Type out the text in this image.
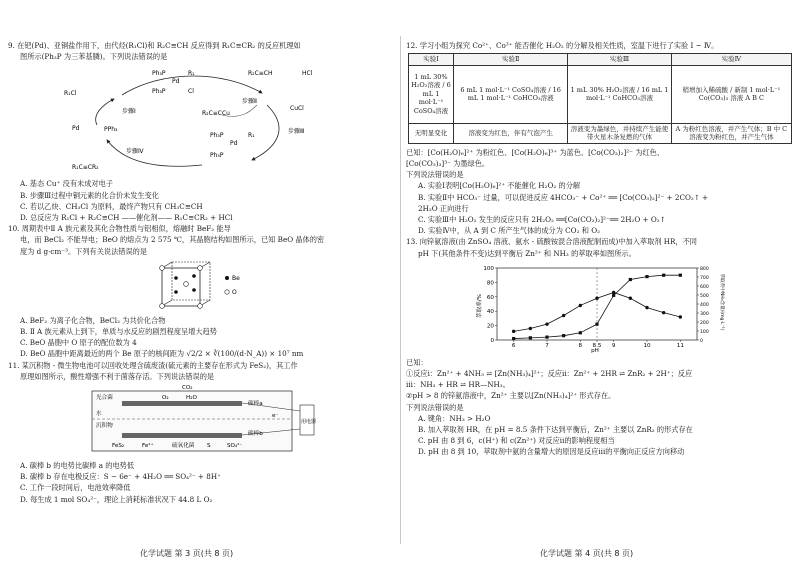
9. 在钯(Pd)、亚铜盐作用下，由代烃(R₁Cl)和 R₂C≡CH 反应得到 R₁C≡CR₂ 的反应机理如
图所示(Ph₃P 为三苯基膦)。下列说法错误的是
Pd
Ph₃P
Ph₃P
R₁
Cl
R₁Cl
步骤Ⅰ
R₂C≡CH	HCl
步骤Ⅱ
R₂C≡CCu
CuCl
步骤Ⅲ
Pd
Ph₃P	R₁
Ph₃P
Pd	PPh₃
步骤Ⅳ
R₁C≡CR₂
A. 基态 Cu⁺ 没有未成对电子
B. 步骤Ⅲ过程中铜元素的化合价未发生变化
C. 若以乙炔、CH₃Cl 为原料，最终产物只有 CH₃C≡CH
D. 总反应为 R₁Cl + R₂C≡CH ——催化剂—— R₁C≡CR₂ + HCl
10. 周期表中Ⅱ A 族元素及其化合物性质与铝相似，熔融时 BeF₂ 能导
电，而 BeCl₂ 不能导电；BeO 的熔点为 2 575 ℃，其晶胞结构如图所示，已知 BeO 晶体的密
度为 d g·cm⁻³。下列有关说法错误的是
Be
O
A. BeF₂ 为离子化合物，BeCl₂ 为共价化合物
B. Ⅱ A 族元素从上到下，单质与水反应的剧烈程度呈增大趋势
C. BeO 晶胞中 O 原子的配位数为 4
D. BeO 晶胞中距离最近的两个 Be 原子的核间距为 √2/2 × ∛(100/(d·N_A)) × 10⁷ nm
11. 某沉积物 - 微生物电池可以回收处理含硫废渣(硫元素的主要存在形式为 FeS₂)，其工作
原理如图所示，酸性增强不利于菌落存活。下列说法错误的是
CO₂
光合菌	O₂	H₂O
碳棒a
水
沉积物
碳棒b
用电器
e⁻
FeS₂	Fe²⁺	硫氧化菌 S	SO₄²⁻
A. 碳棒 b 的电势比碳棒 a 的电势低
B. 碳棒 b 存在电极反应：S − 6e⁻ + 4H₂O ══ SO₄²⁻ + 8H⁺
C. 工作一段时间后，电池效率降低
D. 每生成 1 mol SO₄²⁻，理论上消耗标准状况下 44.8 L O₂
化学试题 第 3 页(共 8 页)
12. 学习小组为探究 Co²⁺、Co³⁺ 能否催化 H₂O₂ 的分解及相关性质，室温下进行了实验 Ⅰ ~ Ⅳ。
实验Ⅰ	实验Ⅱ	实验Ⅲ	实验Ⅳ
1 mL 30% H₂O₂溶液 / 6 mL 1 mol·L⁻¹ CoSO₄溶液	6 mL 1 mol·L⁻¹ CoSO₄溶液 / 16 mL 1 mol·L⁻¹ CoHCO₃溶液	1 mL 30% H₂O₂溶液 / 16 mL 1 mol·L⁻¹ CoHCO₃溶液	稍增加入稀硫酸 / 新制 1 mol·L⁻¹ Co(CO₃)₃ 溶液 A B C
无明显变化	溶液变为红色，伴有气泡产生	溶液变为墨绿色，并持续产生能使带火星木条复燃的气体	A 为粉红色溶液，并产生气体；B 中 C 溶液变为粉红色，并产生气体
已知：[Co(H₂O)₆]²⁺ 为粉红色、[Co(H₂O)₆]³⁺ 为蓝色、[Co(CO₃)₂]²⁻ 为红色、
[Co(CO₃)₃]³⁻ 为墨绿色。
下列说法错误的是
A. 实验Ⅰ表明[Co(H₂O)₆]²⁺ 不能催化 H₂O₂ 的分解
B. 实验Ⅱ中 HCO₃⁻ 过量，可以促进反应 4HCO₃⁻ + Co²⁺ ══ [Co(CO₃)₂]²⁻ + 2CO₂↑ +
2H₂O 正向进行
C. 实验Ⅲ中 H₂O₂ 发生的反应只有 2H₂O₂ ══[Co(CO₃)₂]²⁻══ 2H₂O + O₂↑
D. 实验Ⅳ中，从 A 到 C 所产生气体的成分为 CO₂ 和 O₂
13. 向锌氨溶液(由 ZnSO₄ 溶液、氨水 - 硫酸铵混合溶液配制而成)中加入萃取剂 HR，不同
pH 下(其他条件不变)达到平衡后 Zn²⁺ 和 NH₃ 的萃取率如图所示。
6	7	8 8.5 9	10	11
0
20
40
60
80
100
0
100
200
300
400
500
600
700
800
pH
萃取率/%	萃取剂中NH₃含量/(mg·L⁻¹)
已知：
①反应ⅰ：Zn²⁺ + 4NH₃ ⇌ [Zn(NH₃)₄]²⁺；反应ⅱ：Zn²⁺ + 2HR ⇌ ZnR₂ + 2H⁺；反应
ⅲ：NH₃ + HR ⇌ HR—NH₃。
②pH > 8 的锌氨溶液中，Zn²⁺ 主要以[Zn(NH₃)₄]²⁺ 形式存在。
下列说法错误的是
A. 键角：NH₃ > H₂O
B. 加入萃取剂 HR，在 pH = 8.5 条件下达到平衡后，Zn²⁺ 主要以 ZnR₂ 的形式存在
C. pH 由 8 到 6，c(H⁺) 和 c(Zn²⁺) 对反应ⅱ的影响程度相当
D. pH 由 8 到 10，萃取剂中氨的含量增大的原因是反应ⅲ的平衡向正反应方向移动
化学试题 第 4 页(共 8 页)
